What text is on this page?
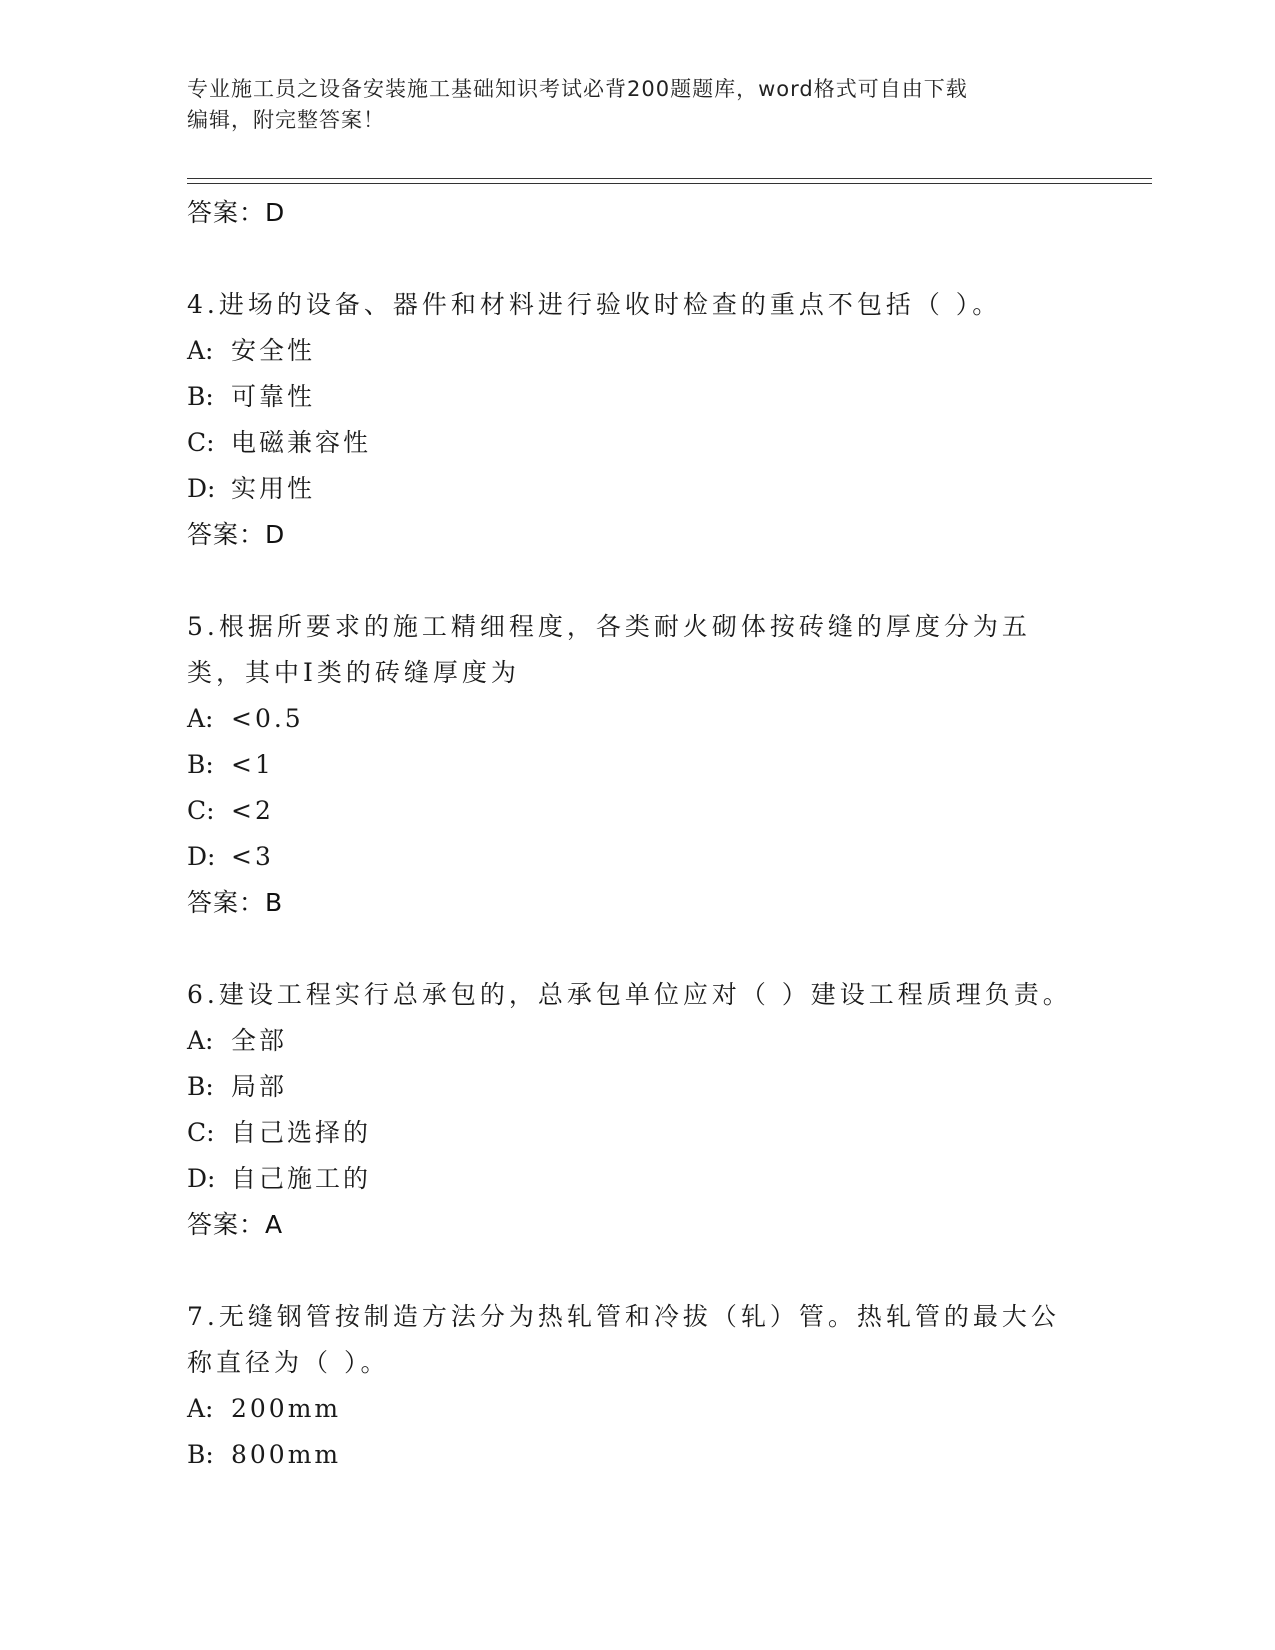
专业施工员之设备安装施工基础知识考试必背200题题库，word格式可自由下载
编辑，附完整答案！
答案：D
4.进场的设备、器件和材料进行验收时检查的重点不包括（ ）。
A: 安全性
B: 可靠性
C: 电磁兼容性
D: 实用性
答案：D
5.根据所要求的施工精细程度，各类耐火砌体按砖缝的厚度分为五类，其中Ⅰ类的砖缝厚度为
A: <0.5
B: <1
C: <2
D: <3
答案：B
6.建设工程实行总承包的，总承包单位应对（ ）建设工程质理负责。
A: 全部
B: 局部
C: 自己选择的
D: 自己施工的
答案：A
7.无缝钢管按制造方法分为热轧管和冷拔（轧）管。热轧管的最大公称直径为（ ）。
A: 200mm
B: 800mm
